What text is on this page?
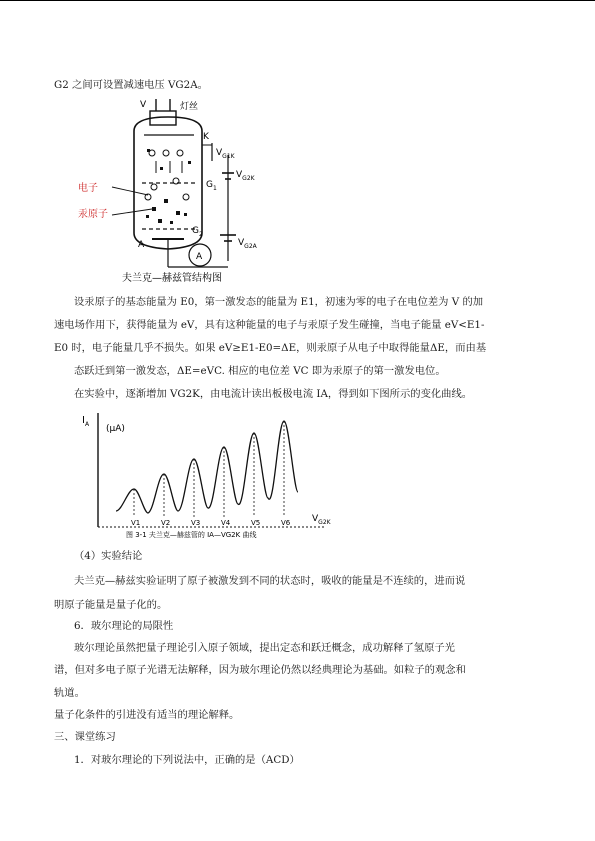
G2 之间可设置减速电压 VG2A。
V	灯丝
K
电子
汞原子
$V_{G1K}$
$V_{G2K}$
$G_1$
$G_2$
A	$V_{G2A}$
A
夫兰克—赫兹管结构图
设汞原子的基态能量为 E0，第一激发态的能量为 E1，初速为零的电子在电位差为 V 的加
速电场作用下，获得能量为 eV，具有这种能量的电子与汞原子发生碰撞，当电子能量 eV<E1-
E0 时，电子能量几乎不损失。如果 eV≥E1-E0=ΔE，则汞原子从电子中取得能量ΔE，而由基
态跃迁到第一激发态，ΔE=eVC. 相应的电位差 VC 即为汞原子的第一激发电位。
在实验中，逐渐增加 VG2K，由电流计读出板极电流 IA，得到如下图所示的变化曲线。
$I_A$ (μA)
$V_{G2K}$
V1	V2	V3	V4	V5	V6
图 3-1 夫兰克—赫兹管的 IA—VG2K 曲线
（4）实验结论
夫兰克—赫兹实验证明了原子被激发到不同的状态时，吸收的能量是不连续的，进而说
明原子能量是量子化的。
6．玻尔理论的局限性
玻尔理论虽然把量子理论引入原子领域，提出定态和跃迁概念，成功解释了氢原子光
谱，但对多电子原子光谱无法解释，因为玻尔理论仍然以经典理论为基础。如粒子的观念和
轨道。
量子化条件的引进没有适当的理论解释。
三、课堂练习
1．对玻尔理论的下列说法中，正确的是（ACD）
